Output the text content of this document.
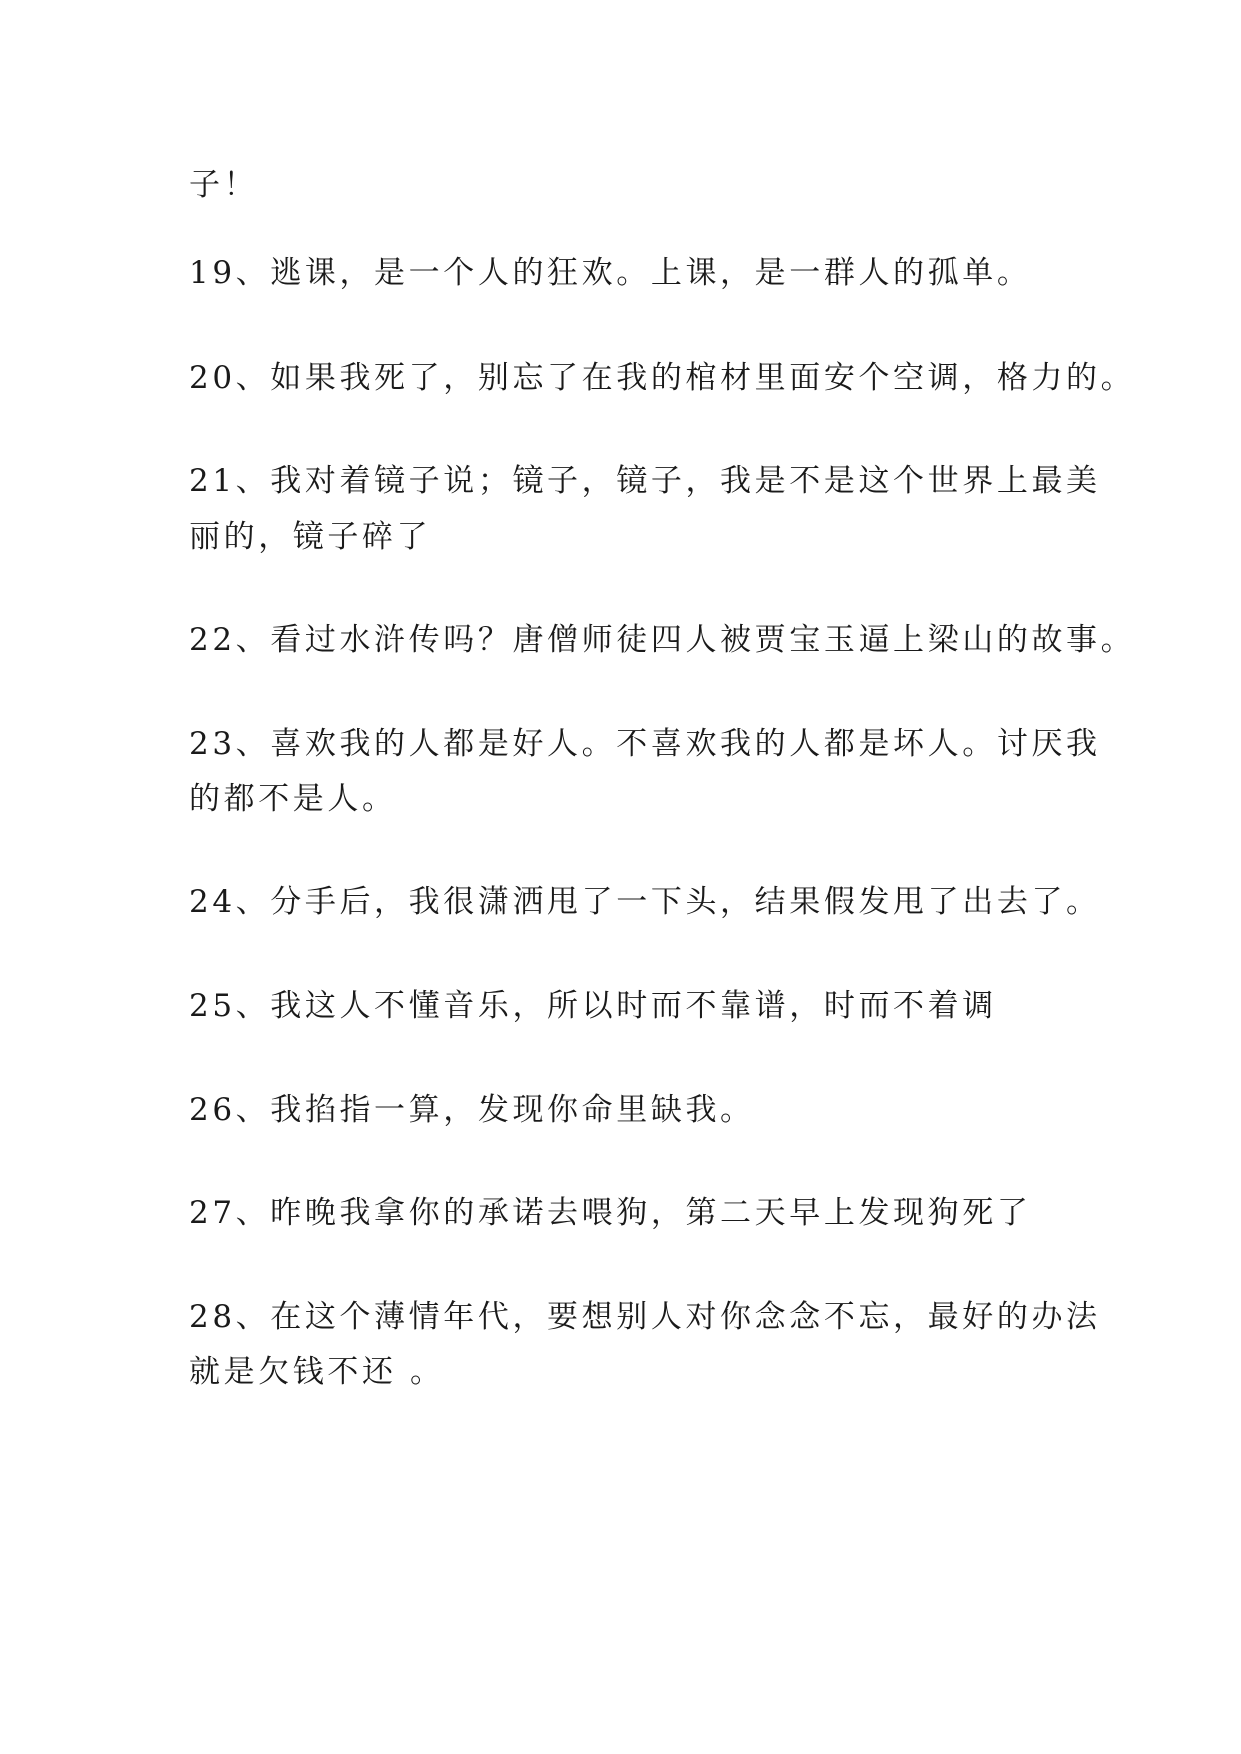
子！

19、逃课，是一个人的狂欢。上课，是一群人的孤单。

20、如果我死了，别忘了在我的棺材里面安个空调，格力的。

21、我对着镜子说；镜子，镜子，我是不是这个世界上最美

丽的，镜子碎了

22、看过水浒传吗？唐僧师徒四人被贾宝玉逼上梁山的故事。

23、喜欢我的人都是好人。不喜欢我的人都是坏人。讨厌我

的都不是人。

24、分手后，我很潇洒甩了一下头，结果假发甩了出去了。

25、我这人不懂音乐，所以时而不靠谱，时而不着调

26、我掐指一算，发现你命里缺我。

27、昨晚我拿你的承诺去喂狗，第二天早上发现狗死了

28、在这个薄情年代，要想别人对你念念不忘，最好的办法

就是欠钱不还 。
